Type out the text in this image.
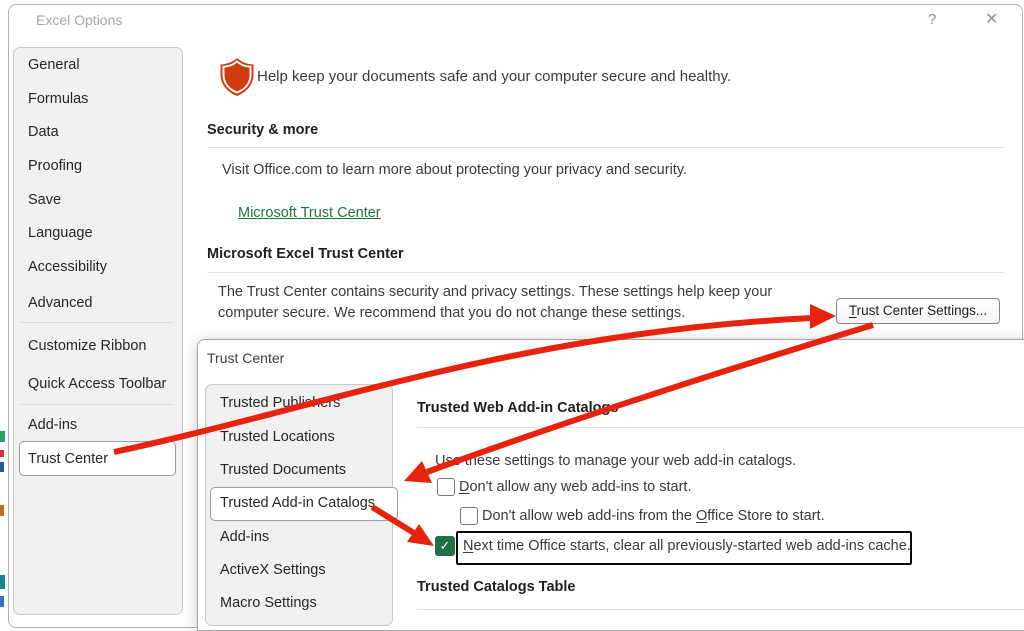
Excel Options	?	✕
General
Formulas
Data
Proofing
Save
Language
Accessibility
Advanced
Customize Ribbon
Quick Access Toolbar
Add-ins
Trust Center
Help keep your documents safe and your computer secure and healthy.
Security & more
Visit Office.com to learn more about protecting your privacy and security.
Microsoft Trust Center
Microsoft Excel Trust Center
The Trust Center contains security and privacy settings. These settings help keep your
computer secure. We recommend that you do not change these settings.	Trust Center Settings...
Trust Center
Trusted Publishers
Trusted Locations
Trusted Documents
Trusted Add-in Catalogs
Add-ins
ActiveX Settings
Macro Settings
Trusted Web Add-in Catalogs
Use these settings to manage your web add-in catalogs.
Don't allow any web add-ins to start.
Don't allow web add-ins from the Office Store to start.
✓ Next time Office starts, clear all previously-started web add-ins cache.
Trusted Catalogs Table
